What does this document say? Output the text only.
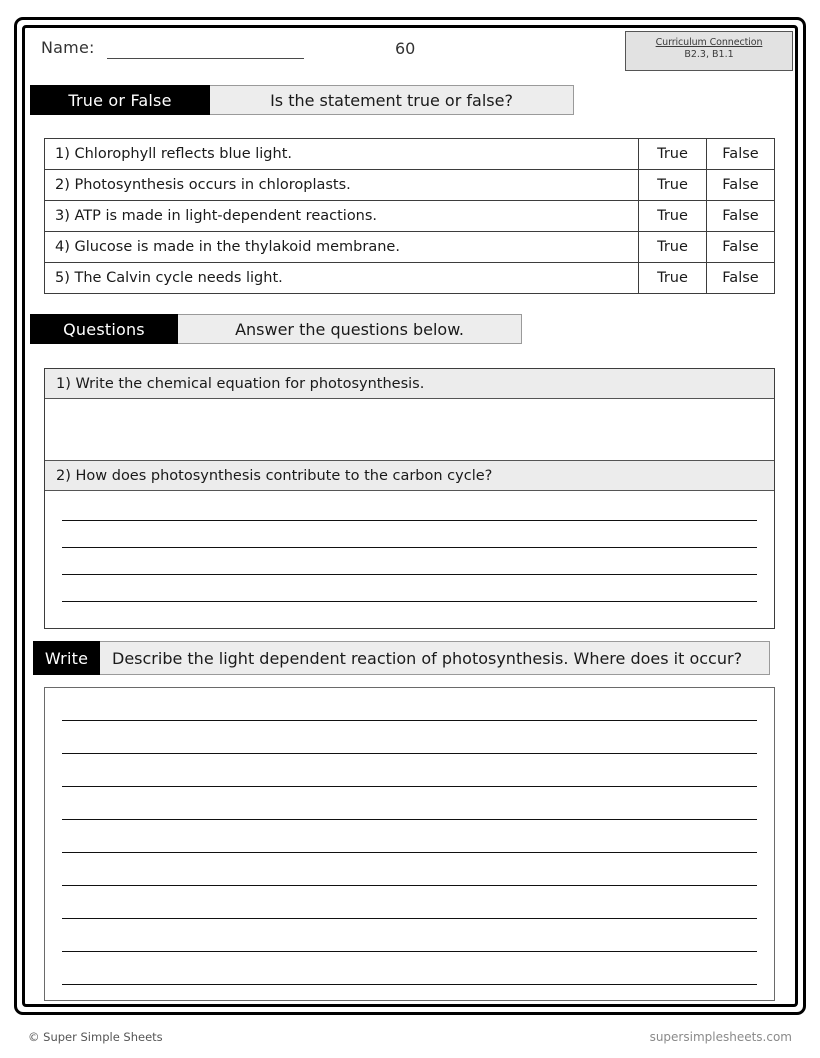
Name:	60	Curriculum Connection
B2.3, B1.1
True or False	Is the statement true or false?
1) Chlorophyll reflects blue light.	True	False
2) Photosynthesis occurs in chloroplasts.	True	False
3) ATP is made in light-dependent reactions.	True	False
4) Glucose is made in the thylakoid membrane.	True	False
5) The Calvin cycle needs light.	True	False
Questions	Answer the questions below.
1) Write the chemical equation for photosynthesis.
2) How does photosynthesis contribute to the carbon cycle?
Write	Describe the light dependent reaction of photosynthesis. Where does it occur?
© Super Simple Sheets	supersimplesheets.com
